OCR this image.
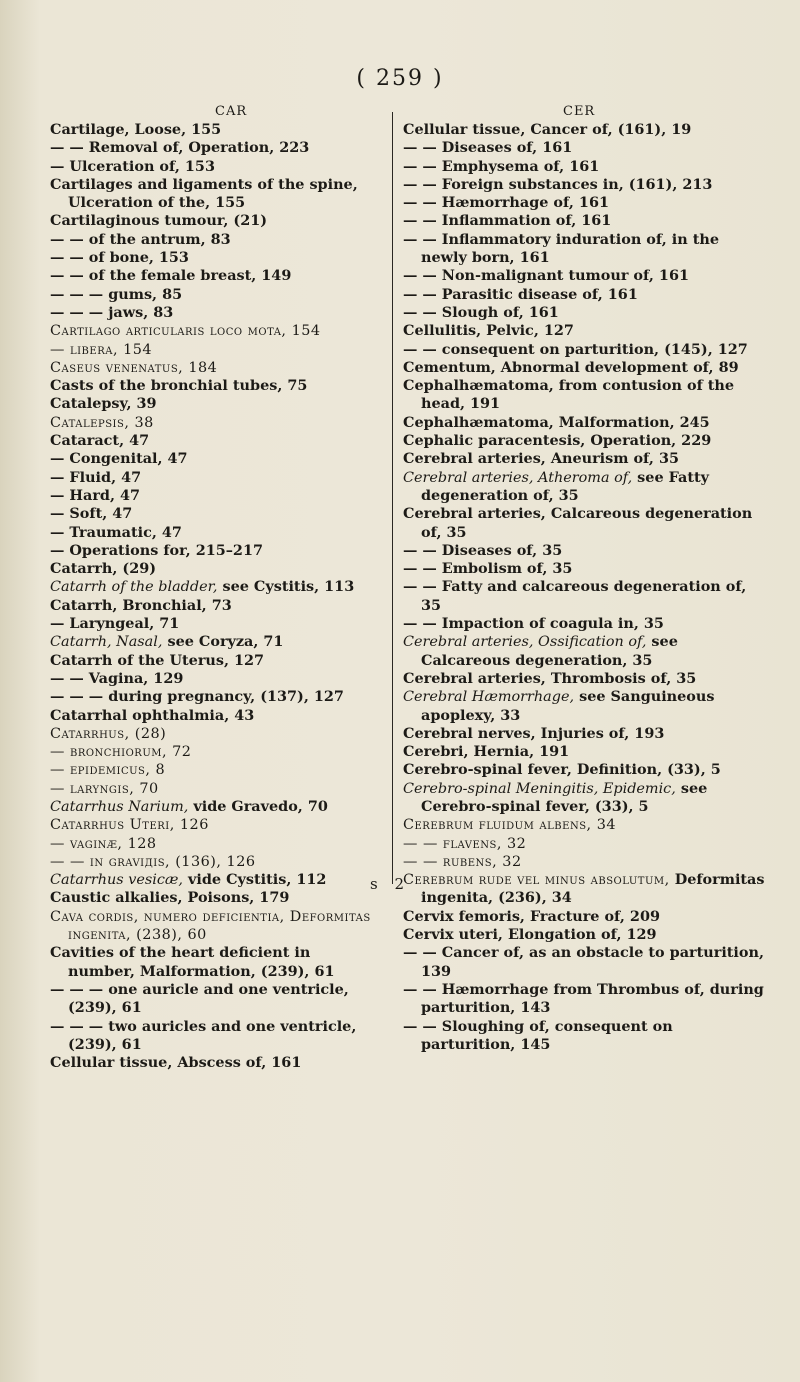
( 259 )
CAR	CER

Cartilage, Loose, 155

— — Removal of, Operation, 223

— Ulceration of, 153

Cartilages and ligaments of the spine, Ulceration of the, 155

Cartilaginous tumour, (21)

— — of the antrum, 83

— — of bone, 153

— — of the female breast, 149

— — — gums, 85

— — — jaws, 83

Cartilago articularis loco mota, 154

— libera, 154

Caseus venenatus, 184

Casts of the bronchial tubes, 75

Catalepsy, 39

Catalepsis, 38

Cataract, 47

— Congenital, 47

— Fluid, 47

— Hard, 47

— Soft, 47

— Traumatic, 47

— Operations for, 215–217

Catarrh, (29)

Catarrh of the bladder, see Cystitis, 113

Catarrh, Bronchial, 73

— Laryngeal, 71

Catarrh, Nasal, see Coryza, 71

Catarrh of the Uterus, 127

— — Vagina, 129

— — — during pregnancy, (137), 127

Catarrhal ophthalmia, 43

Catarrhus, (28)

— bronchiorum, 72

— epidemicus, 8

— laryngis, 70

Catarrhus Narium, vide Gravedo, 70

Catarrhus Uteri, 126

— vaginæ, 128

— — in graviдis, (136), 126

Catarrhus vesicæ, vide Cystitis, 112

Caustic alkalies, Poisons, 179

Cava cordis, numero deficientia, Deformitas ingenita, (238), 60

Cavities of the heart deficient in number, Malformation, (239), 61

— — — one auricle and one ventricle, (239), 61

— — — two auricles and one ventricle, (239), 61

Cellular tissue, Abscess of, 161

Cellular tissue, Cancer of, (161), 19

— — Diseases of, 161

— — Emphysema of, 161

— — Foreign substances in, (161), 213

— — Hæmorrhage of, 161

— — Inflammation of, 161

— — Inflammatory induration of, in the newly born, 161

— — Non-malignant tumour of, 161

— — Parasitic disease of, 161

— — Slough of, 161

Cellulitis, Pelvic, 127

— — consequent on parturition, (145), 127

Cementum, Abnormal development of, 89

Cephalhæmatoma, from contusion of the head, 191

Cephalhæmatoma, Malformation, 245

Cephalic paracentesis, Operation, 229

Cerebral arteries, Aneurism of, 35

Cerebral arteries, Atheroma of, see Fatty degeneration of, 35

Cerebral arteries, Calcareous degeneration of, 35

— — Diseases of, 35

— — Embolism of, 35

— — Fatty and calcareous degeneration of, 35

— — Impaction of coagula in, 35

Cerebral arteries, Ossification of, see Calcareous degeneration, 35

Cerebral arteries, Thrombosis of, 35

Cerebral Hæmorrhage, see Sanguineous apoplexy, 33

Cerebral nerves, Injuries of, 193

Cerebri, Hernia, 191

Cerebro-spinal fever, Definition, (33), 5

Cerebro-spinal Meningitis, Epidemic, see Cerebro-spinal fever, (33), 5

Cerebrum fluidum albens, 34

— — flavens, 32

— — rubens, 32

Cerebrum rude vel minus absolutum, Deformitas ingenita, (236), 34

Cervix femoris, Fracture of, 209

Cervix uteri, Elongation of, 129

— — Cancer of, as an obstacle to parturition, 139

— — Hæmorrhage from Thrombus of, during parturition, 143

— — Sloughing of, consequent on parturition, 145

s 2
